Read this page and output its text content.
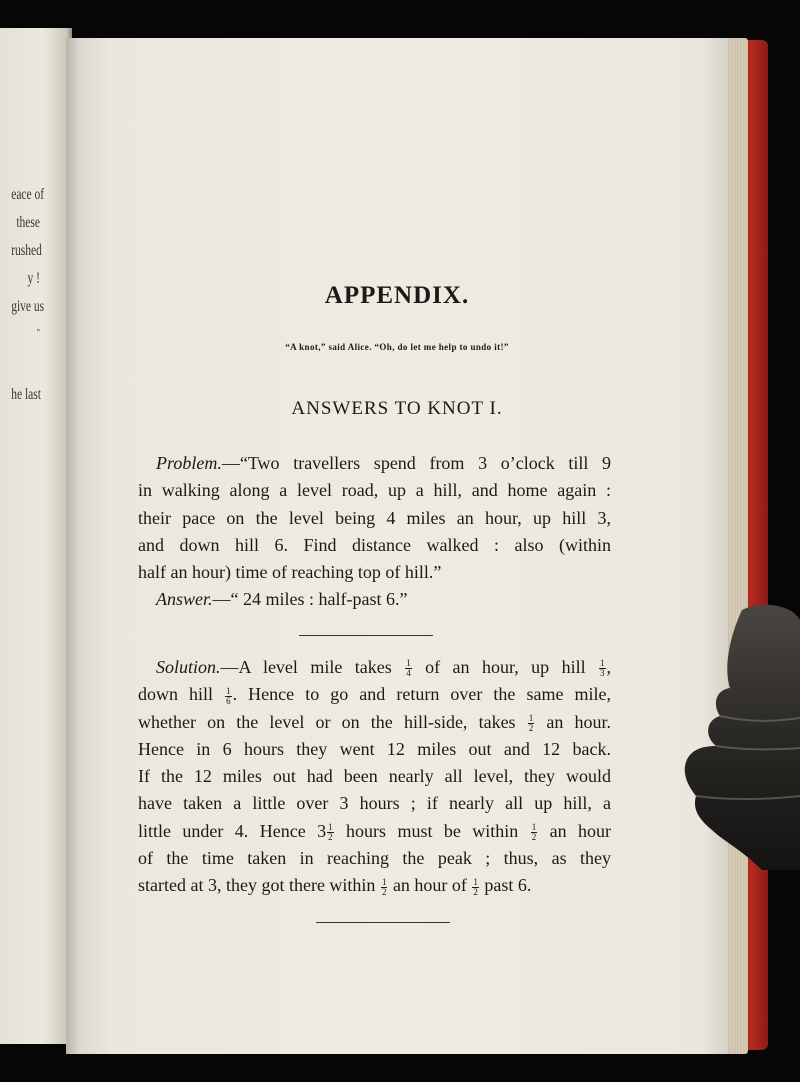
eace of
these
rushed
y !
give us
”
he last
APPENDIX.
“A knot,” said Alice. “Oh, do let me help to undo it!”
ANSWERS TO KNOT I.
Problem.—“Two travellers spend from 3 o’clock till 9
in walking along a level road, up a hill, and home again :
their pace on the level being 4 miles an hour, up hill 3,
and down hill 6. Find distance walked : also (within
half an hour) time of reaching top of hill.”
Answer.—“ 24 miles : half-past 6.”
Solution.—A level mile takes $\frac{1}{4}$ of an hour, up hill $\frac{1}{3}$ ,
down hill $\frac{1}{6}$ . Hence to go and return over the same mile,
whether on the level or on the hill-side, takes $\frac{1}{2}$ an hour.
Hence in 6 hours they went 12 miles out and 12 back.
If the 12 miles out had been nearly all level, they would
have taken a little over 3 hours ; if nearly all up hill, a
little under 4. Hence $3 \frac{1}{2}$ hours must be within $\frac{1}{2}$ an hour
of the time taken in reaching the peak ; thus, as they
started at 3, they got there within $\frac{1}{2}$ an hour of $\frac{1}{2}$ past 6.
